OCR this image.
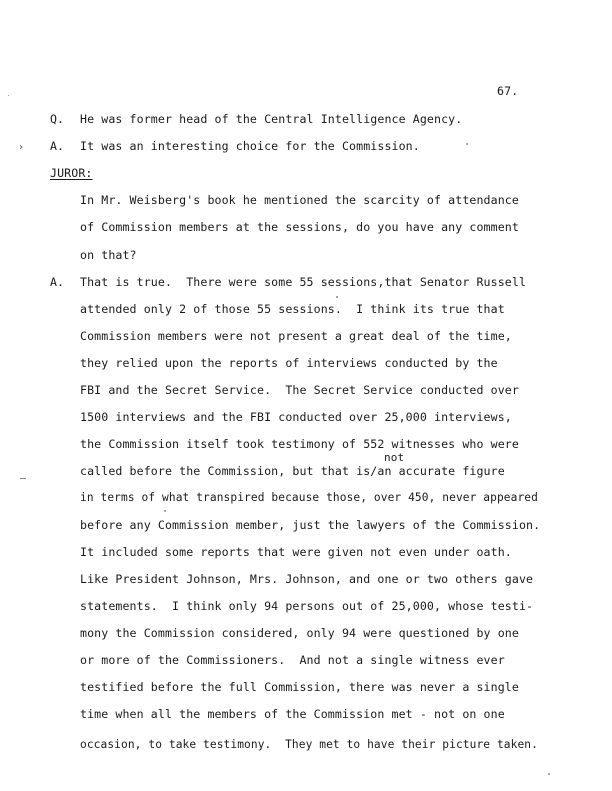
67.
Q. He was former head of the Central Intelligence Agency.
› A. It was an interesting choice for the Commission.
JUROR:
In Mr. Weisberg's book he mentioned the scarcity of attendance
of Commission members at the sessions, do you have any comment
on that?
A. That is true.  There were some 55 sessions,that Senator Russell
attended only 2 of those 55 sessions.  I think its true that
Commission members were not present a great deal of the time,
they relied upon the reports of interviews conducted by the
FBI and the Secret Service.  The Secret Service conducted over
1500 interviews and the FBI conducted over 25,000 interviews,
the Commission itself took testimony of 552 witnesses who were
not
called before the Commission, but that is/an accurate figure
in terms of what transpired because those, over 450, never appeared
before any Commission member, just the lawyers of the Commission.
It included some reports that were given not even under oath.
Like President Johnson, Mrs. Johnson, and one or two others gave
statements.  I think only 94 persons out of 25,000, whose testi-
mony the Commission considered, only 94 were questioned by one
or more of the Commissioners.  And not a single witness ever
testified before the full Commission, there was never a single
time when all the members of the Commission met - not on one
occasion, to take testimony.  They met to have their picture taken.
